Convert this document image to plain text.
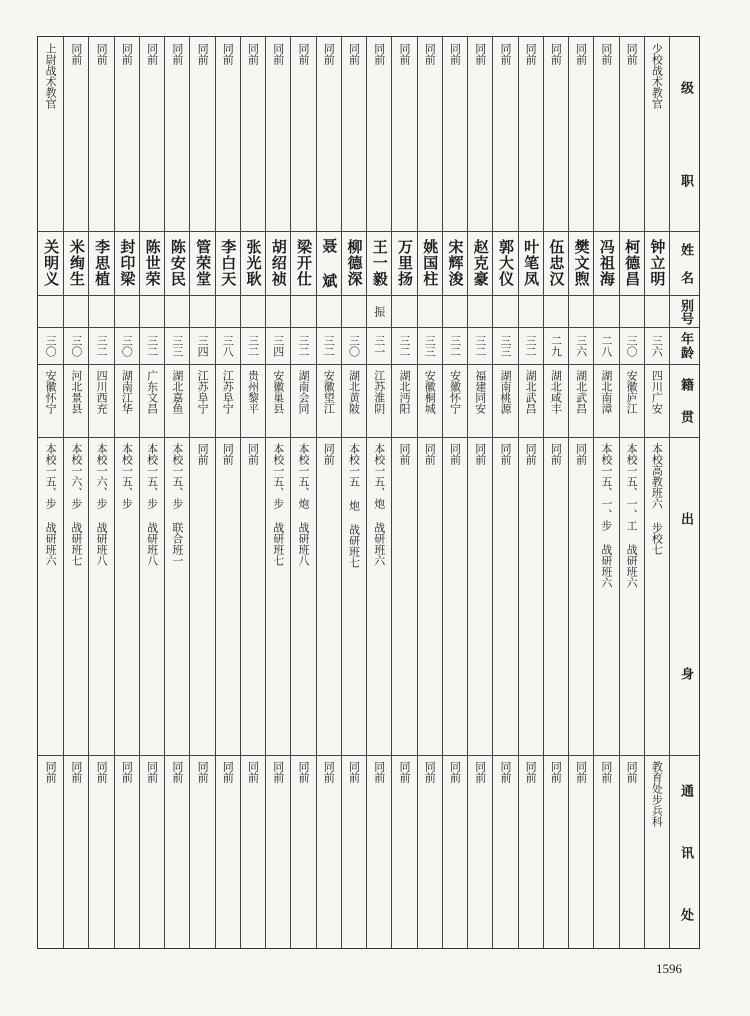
少校战术教官
钟立明
三六
四川广安
本校高教班六 步校七
教育处步兵科
同前
柯德昌
三〇
安徽庐江
本校一五、一、工 战研班六
同前
同前
冯祖海
二八
湖北南漳
本校一五、一、步 战研班六
同前
同前
樊文煦
三六
湖北武昌
同前
同前
同前
伍忠汉
二九
湖北咸丰
同前
同前
同前
叶笔凤
三二
湖北武昌
同前
同前
同前
郭大仪
三三
湖南桃源
同前
同前
同前
赵克豪
三二
福建同安
同前
同前
同前
宋辉浚
三二
安徽怀宁
同前
同前
同前
姚国柱
三三
安徽桐城
同前
同前
同前
万里扬
三二
湖北沔阳
同前
同前
同前
王一毅
振
三一
江苏淮阴
本校一五、炮 战研班六
同前
同前
柳德深
三〇
湖北黄陂
本校一五 炮 战研班七
同前
同前
聂 斌
三二
安徽望江
同前
同前
同前
梁开仕
三二
湖南会同
本校一五、炮 战研班八
同前
同前
胡绍祯
三四
安徽巢县
本校一五、步 战研班七
同前
同前
张光耿
三二
贵州黎平
同前
同前
同前
李白天
三八
江苏阜宁
同前
同前
同前
管荣堂
三四
江苏阜宁
同前
同前
同前
陈安民
三三
湖北嘉鱼
本校一五、步 联合班一
同前
同前
陈世荣
三二
广东文昌
本校一五、步 战研班八
同前
同前
封印梁
三〇
湖南江华
本校一五、步
同前
同前
李思植
三二
四川西充
本校一六、步 战研班八
同前
同前
米绚生
三〇
河北景县
本校一六、步 战研班七
同前
上尉战术教官
关明义
三〇
安徽怀宁
本校一五、步 战研班六
同前
级
职
姓
名
别
号
年
龄
籍
贯
出
身
通
讯
处
1596
